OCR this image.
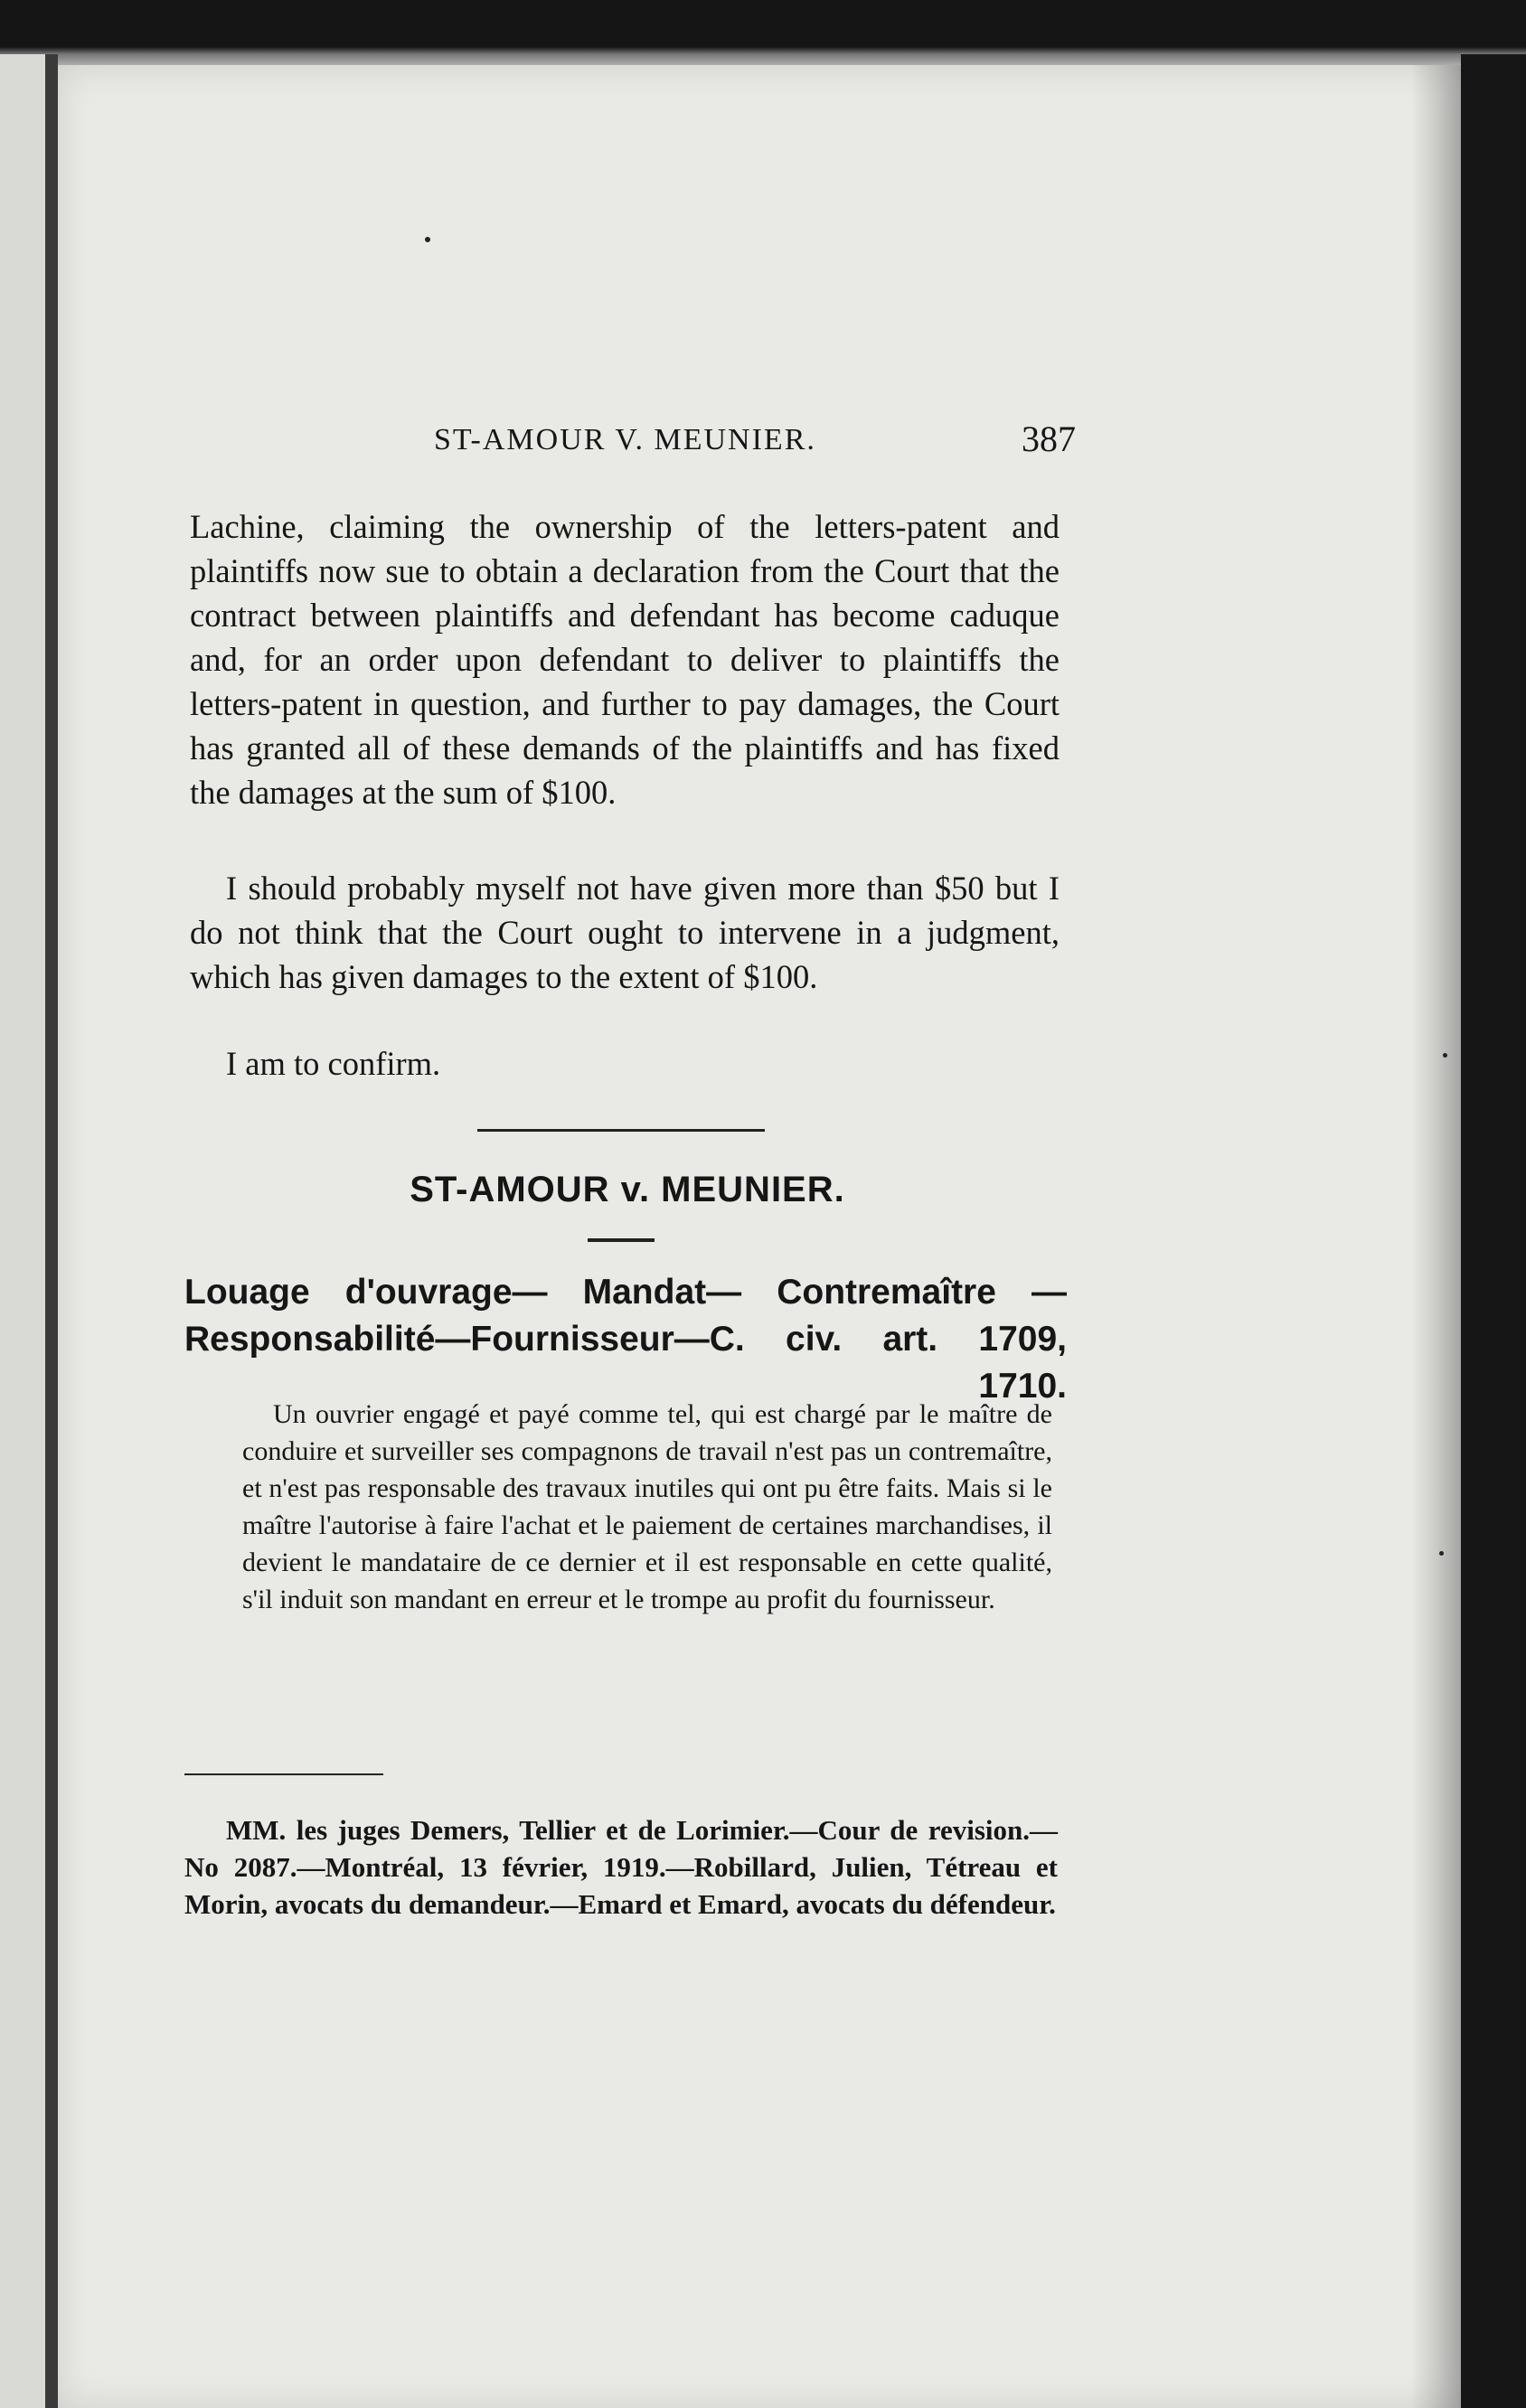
ST-AMOUR V. MEUNIER.	387

Lachine, claiming the ownership of the letters-patent and plaintiffs now sue to obtain a declaration from the Court that the contract between plaintiffs and defendant has become caduque and, for an order upon defendant to deliver to plaintiffs the letters-patent in question, and further to pay damages, the Court has granted all of these demands of the plaintiffs and has fixed the damages at the sum of $100.

I should probably myself not have given more than $50 but I do not think that the Court ought to intervene in a judgment, which has given damages to the extent of $100.

I am to confirm.

ST-AMOUR v. MEUNIER.

Louage d'ouvrage— Mandat— Contremaître — Responsabilité—Fournisseur—C. civ. art. 1709, 1710.

Un ouvrier engagé et payé comme tel, qui est chargé par le maître de conduire et surveiller ses compagnons de travail n'est pas un contremaître, et n'est pas responsable des travaux inutiles qui ont pu être faits. Mais si le maître l'autorise à faire l'achat et le paiement de certaines marchandises, il devient le mandataire de ce dernier et il est responsable en cette qualité, s'il induit son mandant en erreur et le trompe au profit du fournisseur.

MM. les juges Demers, Tellier et de Lorimier.—Cour de revision.—No 2087.—Montréal, 13 février, 1919.—Robillard, Julien, Tétreau et Morin, avocats du demandeur.—Emard et Emard, avocats du défendeur.
